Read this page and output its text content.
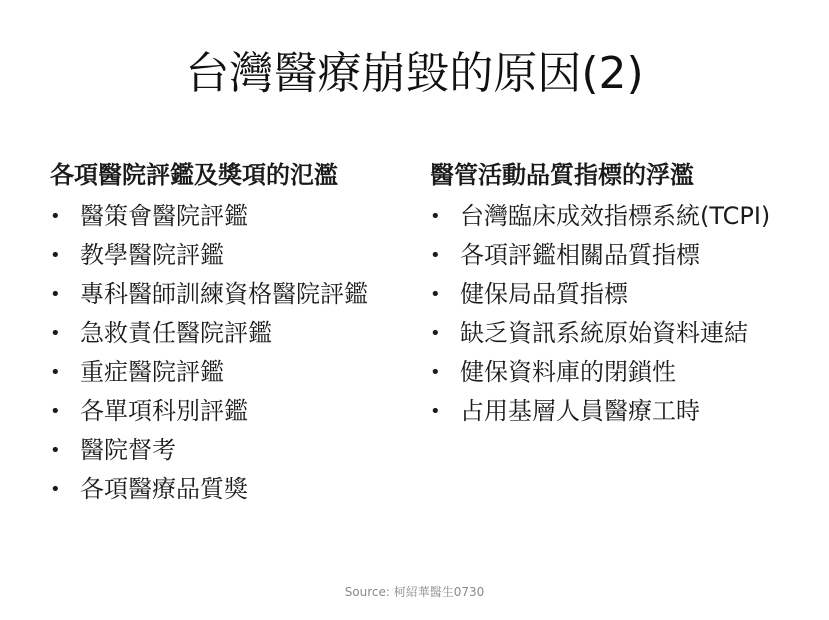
台灣醫療崩毀的原因(2)
各項醫院評鑑及獎項的氾濫
• 醫策會醫院評鑑
• 教學醫院評鑑
• 專科醫師訓練資格醫院評鑑
• 急救責任醫院評鑑
• 重症醫院評鑑
• 各單項科別評鑑
• 醫院督考
• 各項醫療品質獎
醫管活動品質指標的浮濫
• 台灣臨床成效指標系統(TCPI)
• 各項評鑑相關品質指標
• 健保局品質指標
• 缺乏資訊系統原始資料連結
• 健保資料庫的閉鎖性
• 占用基層人員醫療工時
Source: 柯紹華醫生0730
